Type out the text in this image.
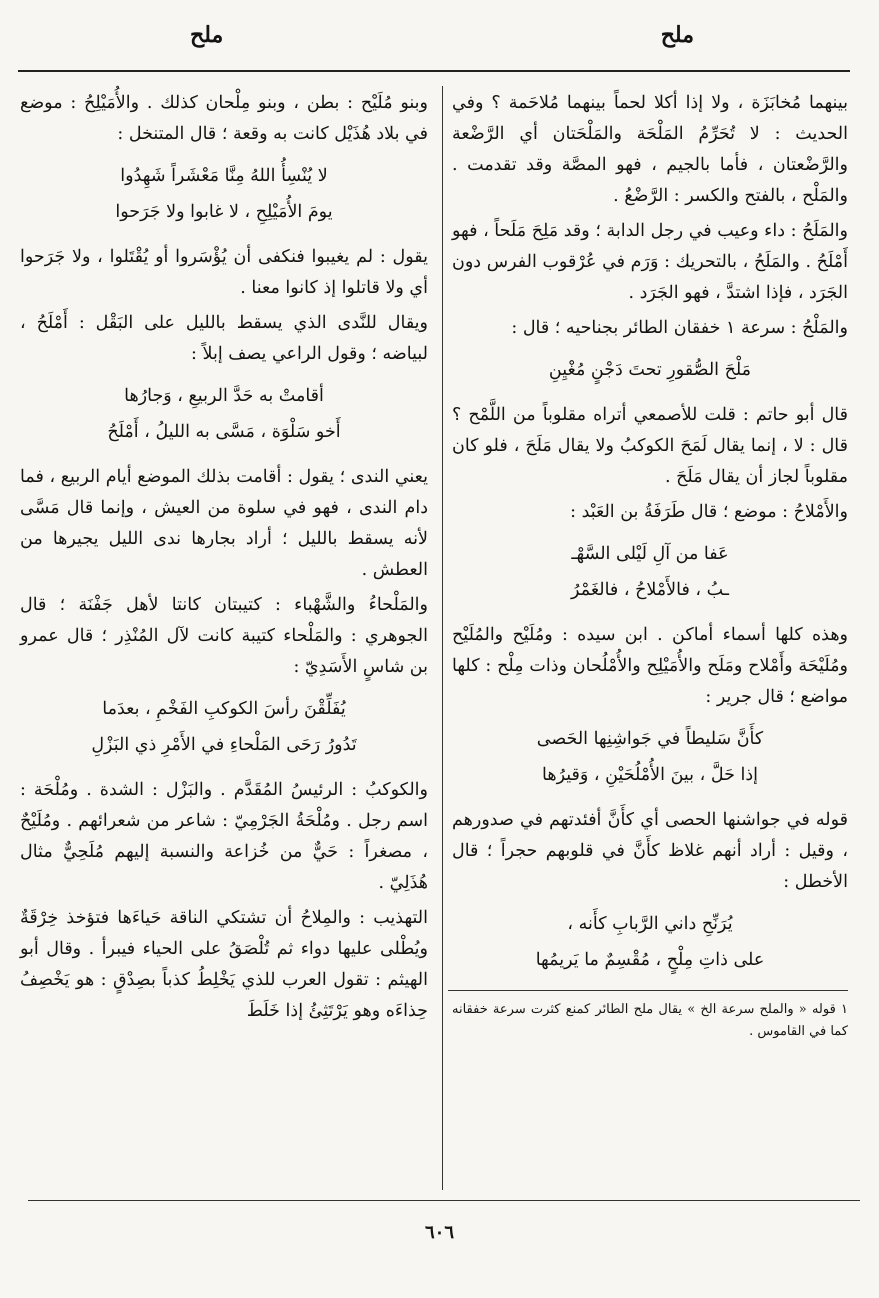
ملح
ملح

بينهما مُخابَزَة ، ولا إذا أكلا لحماً بينهما مُلاحَمة ؟ وفي الحديث : لا تُحَرِّمُ المَلْحَة والمَلْحَتان أي الرَّضْعة والرَّضْعتان ، فأما بالجيم ، فهو المصَّة وقد تقدمت . والمَلْح ، بالفتح والكسر : الرَّضْعُ .

والمَلَحُ : داء وعيب في رجل الدابة ؛ وقد مَلِحَ مَلَحاً ، فهو أَمْلَحُ . والمَلَحُ ، بالتحريك : وَرَم في عُرْقوب الفرس دون الجَرَد ، فإذا اشتدَّ ، فهو الجَرَد .

والمَلْحُ : سرعة ١ خفقان الطائر بجناحيه ؛ قال :

مَلْحَ الصُّقورِ تحتَ دَجْنٍ مُغْيِنِ

قال أبو حاتم : قلت للأصمعي أتراه مقلوباً من اللَّمْح ؟ قال : لا ، إنما يقال لَمَحَ الكوكبُ ولا يقال مَلَحَ ، فلو كان مقلوباً لجاز أن يقال مَلَحَ .

والأَمْلاحُ : موضع ؛ قال طَرَفَةُ بن العَبْد :

عَفا من آلِ لَيْلى السَّهْـ
ـبُ ، فالأَمْلاحُ ، فالغَمْرُ

وهذه كلها أسماء أماكن . ابن سيده : ومُلَيْح والمُلَيْح ومُلَيْحَة وأَمْلاح ومَلَح والأُمَيْلِح والأُمْلُحان وذات مِلْح : كلها مواضع ؛ قال جرير :

كأَنَّ سَليطاً في جَواشِنِها الحَصى
إذا حَلَّ ، بينَ الأُمْلُحَيْنِ ، وَقيرُها

قوله في جواشنها الحصى أي كأَنَّ أفئدتهم في صدورهم ، وقيل : أراد أنهم غلاظ كأَنَّ في قلوبهم حجراً ؛ قال الأخطل :

يُرَنِّحِ داني الرَّبابِ كأَنه ،
على ذاتِ مِلْحٍ ، مُقْسِمٌ ما يَريمُها

١ قوله « والملح سرعة الخ » يقال ملح الطائر كمنع كثرت سرعة خفقانه كما في القاموس .

وبنو مُلَيْح : بطن ، وبنو مِلْحان كذلك . والأُمَيْلِحُ : موضع في بلاد هُذَيْل كانت به وقعة ؛ قال المتنخل :

لا يُنْسِأُ اللهُ مِنَّا مَعْشَراً شَهِدُوا
يومَ الأُمَيْلِحِ ، لا غابوا ولا جَرَحوا

يقول : لم يغيبوا فنكفى أن يُؤْسَروا أو يُقْتَلوا ، ولا جَرَحوا أي ولا قاتلوا إذ كانوا معنا .

ويقال للنَّدى الذي يسقط بالليل على البَقْل : أَمْلَحُ ، لبياضه ؛ وقول الراعي يصف إبلاً :

أقامتْ به حَدَّ الربيعِ ، وَجارُها
أَخو سَلْوَة ، مَسَّى به الليلُ ، أَمْلَحُ

يعني الندى ؛ يقول : أقامت بذلك الموضع أيام الربيع ، فما دام الندى ، فهو في سلوة من العيش ، وإنما قال مَسَّى لأنه يسقط بالليل ؛ أراد بجارها ندى الليل يجيرها من العطش .

والمَلْحاءُ والشَّهْباء : كتيبتان كانتا لأهل جَفْنَة ؛ قال الجوهري : والمَلْحاء كتيبة كانت لآل المُنْذِر ؛ قال عمرو بن شاسٍ الأَسَدِيّ :

يُفَلِّقْنَ رأسَ الكوكبِ الفَخْمِ ، بعدَما
تَدُورُ رَحَى المَلْحاءِ في الأَمْرِ ذي البَزْلِ

والكوكبُ : الرئيسُ المُقَدَّم . والبَزْل : الشدة . ومُلْحَة : اسم رجل . ومُلْحَةُ الجَرْمِيّ : شاعر من شعرائهم . ومُلَيْحٌ ، مصغراً : حَيٌّ من خُزاعة والنسبة إليهم مُلَحِيٌّ مثال هُذَلِيّ .

التهذيب : والمِلاحُ أن تشتكي الناقة حَياءَها فتؤخذ خِرْقَةٌ ويُطْلى عليها دواء ثم تُلْصَقُ على الحياء فيبرأ . وقال أبو الهيثم : تقول العرب للذي يَخْلِطُ كذباً بصِدْقٍ : هو يَخْصِفُ حِذاءَه وهو يَرْتَثِئُ إذا خَلَطَ

٦٠٦
